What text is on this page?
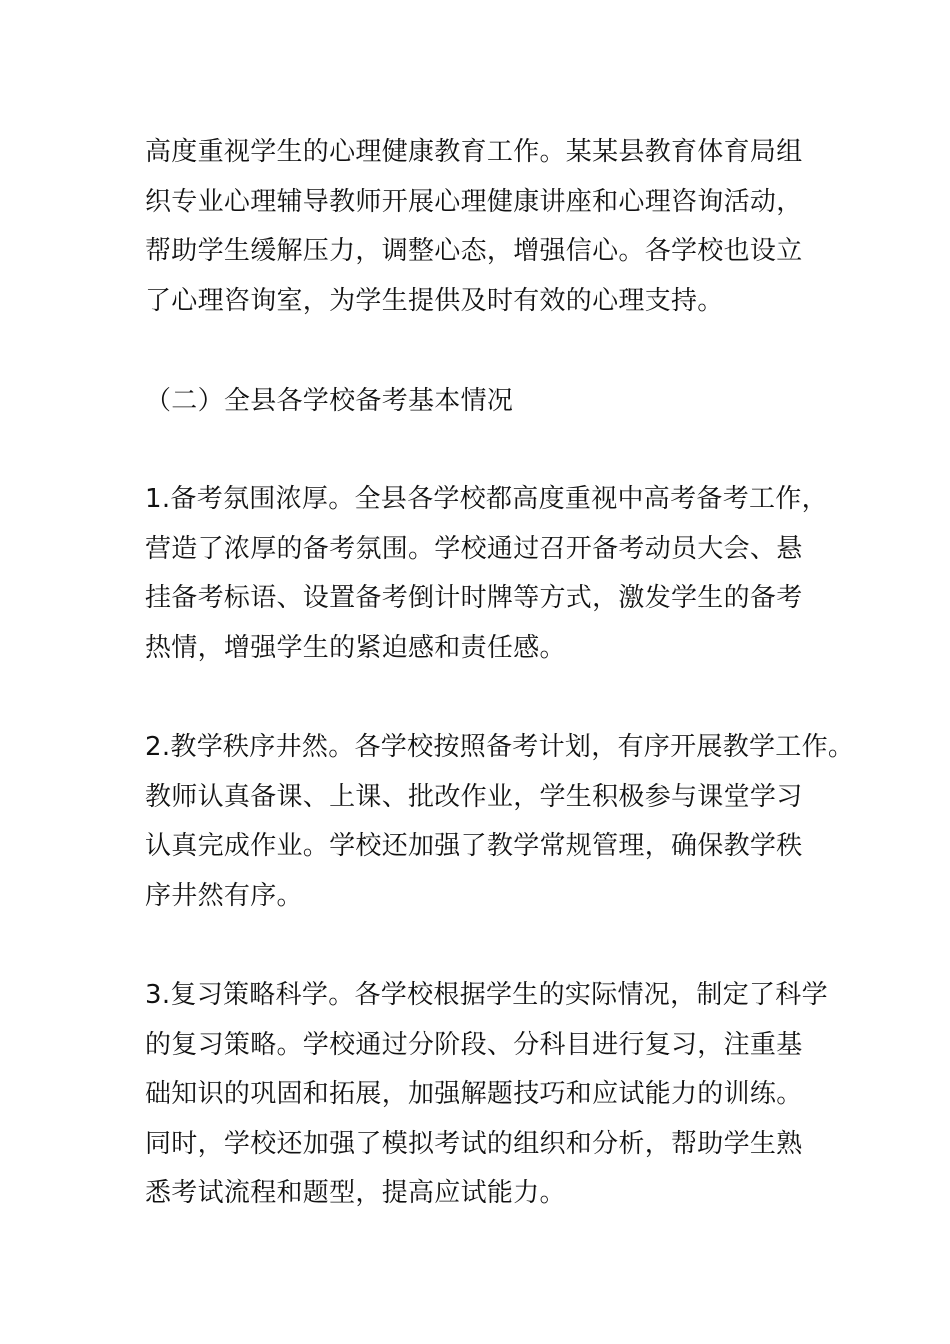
高度重视学生的心理健康教育工作。某某县教育体育局组
织专业心理辅导教师开展心理健康讲座和心理咨询活动，
帮助学生缓解压力，调整心态，增强信心。各学校也设立
了心理咨询室，为学生提供及时有效的心理支持。
（二）全县各学校备考基本情况
1.备考氛围浓厚。全县各学校都高度重视中高考备考工作，
营造了浓厚的备考氛围。学校通过召开备考动员大会、悬
挂备考标语、设置备考倒计时牌等方式，激发学生的备考
热情，增强学生的紧迫感和责任感。
2.教学秩序井然。各学校按照备考计划，有序开展教学工作。
教师认真备课、上课、批改作业，学生积极参与课堂学习
认真完成作业。学校还加强了教学常规管理，确保教学秩
序井然有序。
3.复习策略科学。各学校根据学生的实际情况，制定了科学
的复习策略。学校通过分阶段、分科目进行复习，注重基
础知识的巩固和拓展，加强解题技巧和应试能力的训练。
同时，学校还加强了模拟考试的组织和分析，帮助学生熟
悉考试流程和题型，提高应试能力。
